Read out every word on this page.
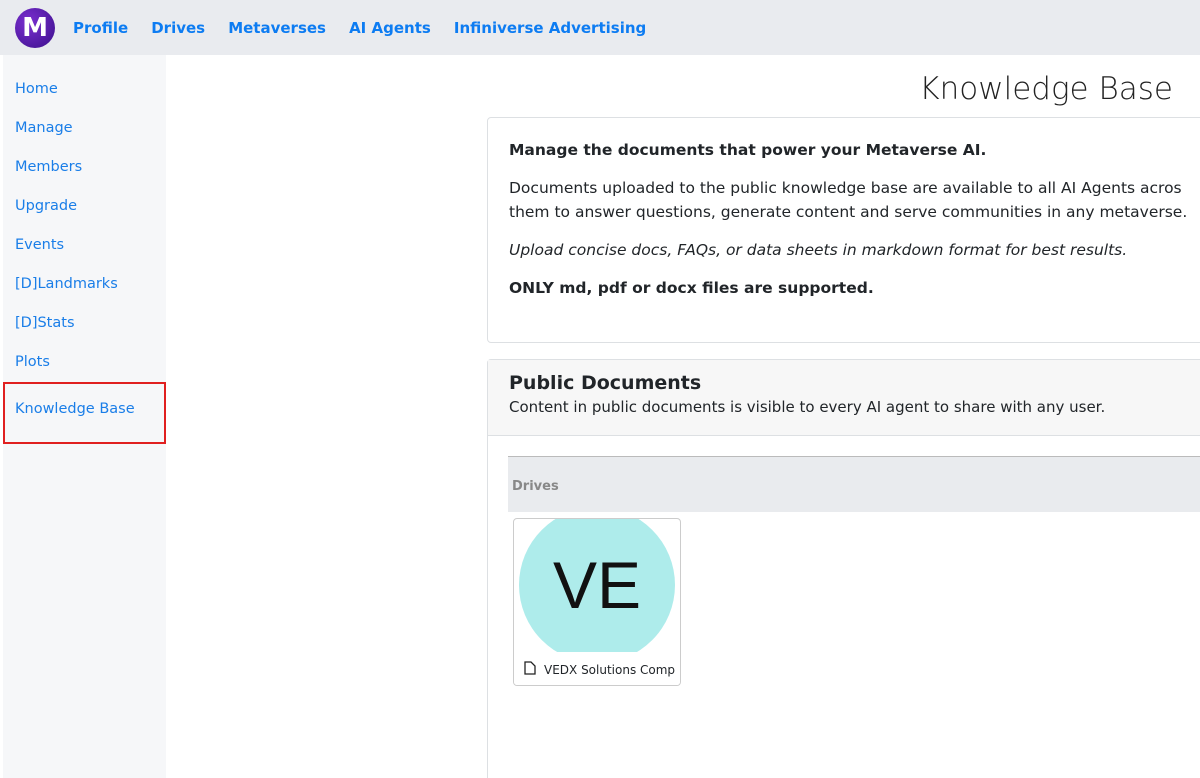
M	Profile Drives Metaverses AI Agents Infiniverse Advertising
Home
Manage
Members
Upgrade
Events
[D]Landmarks
[D]Stats
Plots
Knowledge Base
Knowledge Base

Manage the documents that power your Metaverse AI.

Documents uploaded to the public knowledge base are available to all AI Agents acros
them to answer questions, generate content and serve communities in any metaverse.

Upload concise docs, FAQs, or data sheets in markdown format for best results.

ONLY md, pdf or docx files are supported.

Public Documents
Content in public documents is visible to every AI agent to share with any user.
Drives
VE
VEDX Solutions Comp
